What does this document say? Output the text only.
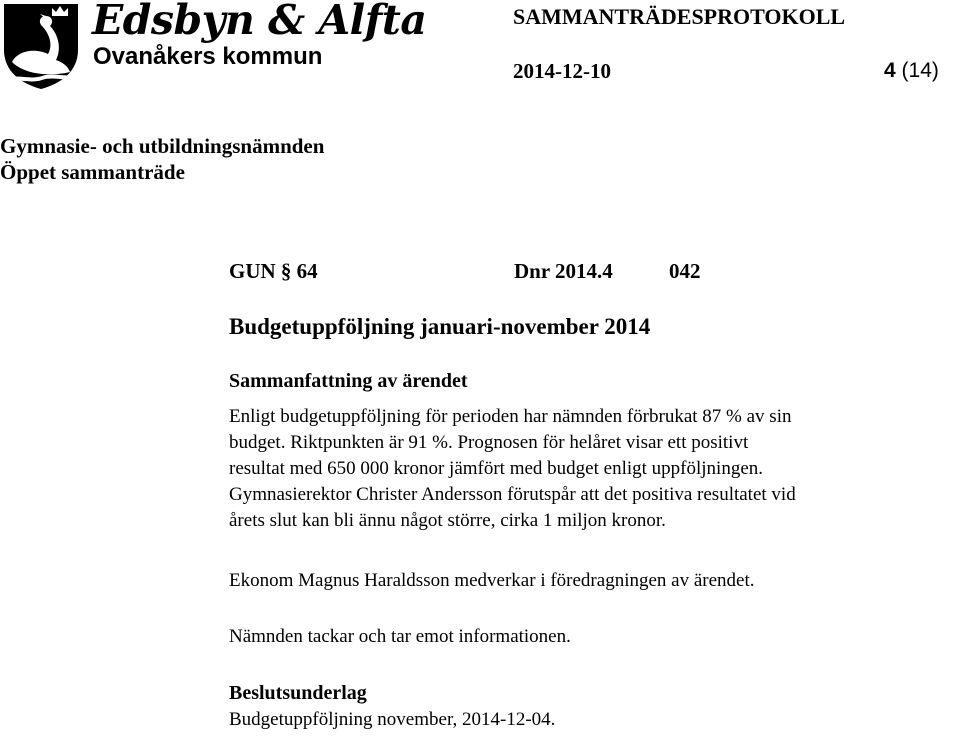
Edsbyn & Alfta
Ovanåkers kommun
SAMMANTRÄDESPROTOKOLL
2014-12-10	4 (14)
Gymnasie- och utbildningsnämnden
Öppet sammanträde
GUN § 64	Dnr 2014.4	042
Budgetuppföljning januari-november 2014
Sammanfattning av ärendet
Enligt budgetuppföljning för perioden har nämnden förbrukat 87 % av sin
budget. Riktpunkten är 91 %. Prognosen för helåret visar ett positivt
resultat med 650 000 kronor jämfört med budget enligt uppföljningen.
Gymnasierektor Christer Andersson förutspår att det positiva resultatet vid
årets slut kan bli ännu något större, cirka 1 miljon kronor.
Ekonom Magnus Haraldsson medverkar i föredragningen av ärendet.
Nämnden tackar och tar emot informationen.
Beslutsunderlag
Budgetuppföljning november, 2014-12-04.
